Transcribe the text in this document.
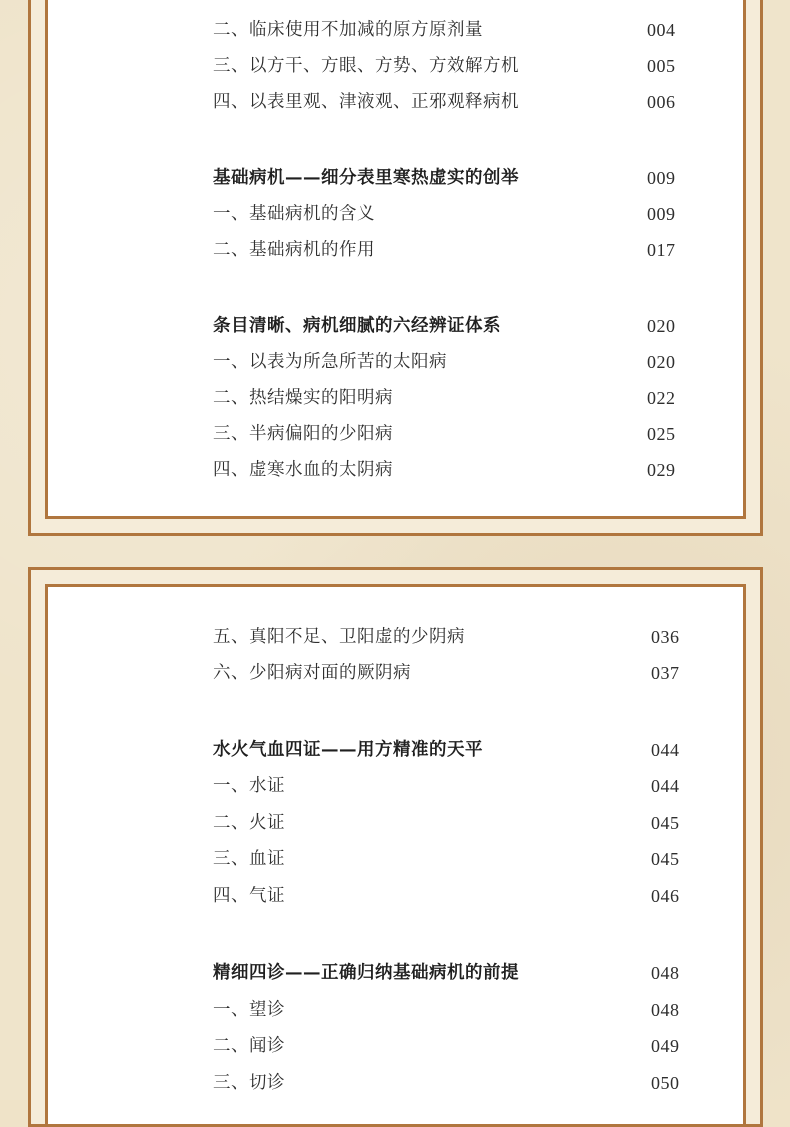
二、临床使用不加减的原方原剂量	004
三、以方干、方眼、方势、方效解方机	005
四、以表里观、津液观、正邪观释病机	006
基础病机——细分表里寒热虚实的创举	009
一、基础病机的含义	009
二、基础病机的作用	017
条目清晰、病机细腻的六经辨证体系	020
一、以表为所急所苦的太阳病	020
二、热结燥实的阳明病	022
三、半病偏阳的少阳病	025
四、虚寒水血的太阴病	029
五、真阳不足、卫阳虚的少阴病	036
六、少阳病对面的厥阴病	037
水火气血四证——用方精准的天平	044
一、水证	044
二、火证	045
三、血证	045
四、气证	046
精细四诊——正确归纳基础病机的前提	048
一、望诊	048
二、闻诊	049
三、切诊	050
